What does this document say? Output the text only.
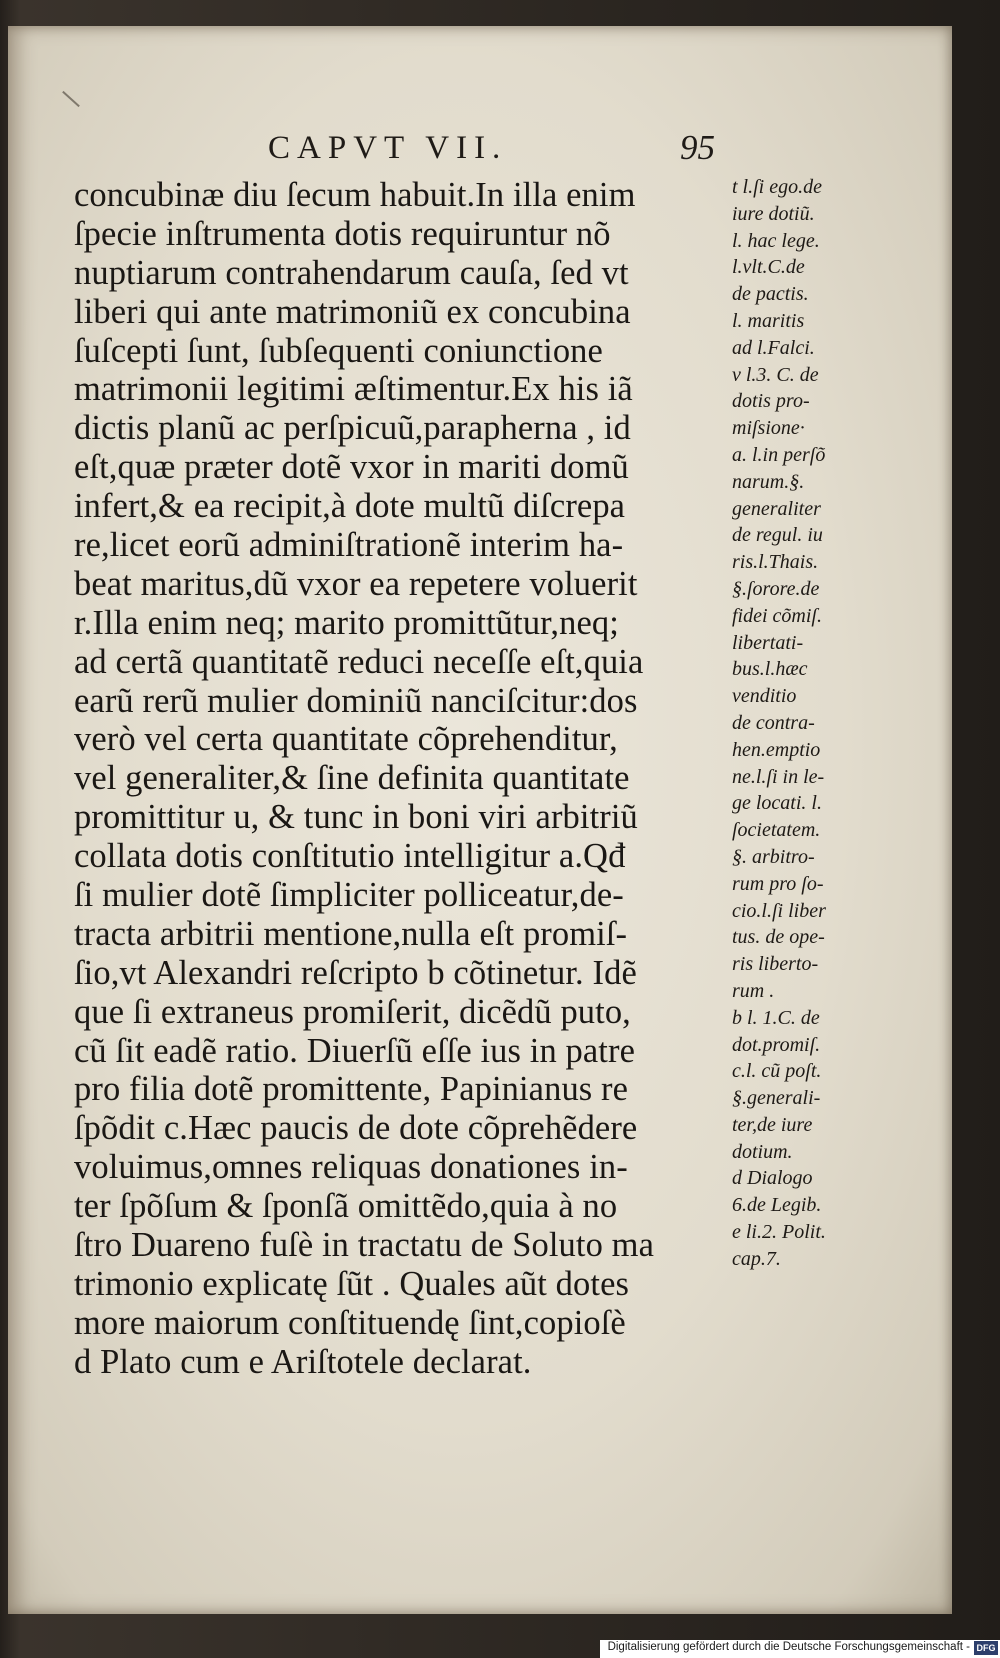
CAPVT VII.	95
concubinæ diu ſecum habuit.In illa enim
ſpecie inſtrumenta dotis requiruntur nõ
nuptiarum contrahendarum cauſa, ſed vt
liberi qui ante matrimoniũ ex concubina
ſuſcepti ſunt, ſubſequenti coniunctione
matrimonii legitimi æſtimentur.Ex his iã
dictis planũ ac perſpicuũ,parapherna , id
eſt,quæ præter dotẽ vxor in mariti domũ
infert,& ea recipit,à dote multũ diſcrepa
re,licet eorũ adminiſtrationẽ interim ha-
beat maritus,dũ vxor ea repetere voluerit
r.Illa enim neq; marito promittũtur,neq;
ad certã quantitatẽ reduci neceſſe eſt,quia
earũ rerũ mulier dominiũ nanciſcitur:dos
verò vel certa quantitate cõprehenditur,
vel generaliter,& ſine definita quantitate
promittitur u, & tunc in boni viri arbitriũ
collata dotis conſtitutio intelligitur a.Qđ
ſi mulier dotẽ ſimpliciter polliceatur,de-
tracta arbitrii mentione,nulla eſt promiſ-
ſio,vt Alexandri reſcripto b cõtinetur. Idẽ
que ſi extraneus promiſerit, dicẽdũ puto,
cũ ſit eadẽ ratio. Diuerſũ eſſe ius in patre
pro filia dotẽ promittente, Papinianus re
ſpõdit c.Hæc paucis de dote cõprehẽdere
voluimus,omnes reliquas donationes in-
ter ſpõſum & ſponſã omittẽdo,quia à no
ſtro Duareno fuſè in tractatu de Soluto ma
trimonio explicatę ſũt . Quales aũt dotes
more maiorum conſtituendę ſint,copioſè
d Plato cum e Ariſtotele declarat.
t l.ſi ego.de
iure dotiũ.
l. hac lege.
l.vlt.C.de
de pactis.
l. maritis
ad l.Falci.
v l.3. C. de
dotis pro-
miſsione·
a. l.in perſõ
narum.§.
generaliter
de regul. iu
ris.l.Thais.
§.ſorore.de
fidei cõmiſ.
libertati-
bus.l.hæc
venditio
de contra-
hen.emptio
ne.l.ſi in le-
ge locati. l.
ſocietatem.
§. arbitro-
rum pro ſo-
cio.l.ſi liber
tus. de ope-
ris liberto-
rum .
b l. 1.C. de
dot.promiſ.
c.l. cũ poſt.
§.generali-
ter,de iure
dotium.
d Dialogo
6.de Legib.
e li.2. Polit.
cap.7.
Digitalisierung gefördert durch die Deutsche Forschungsgemeinschaft - DFG
